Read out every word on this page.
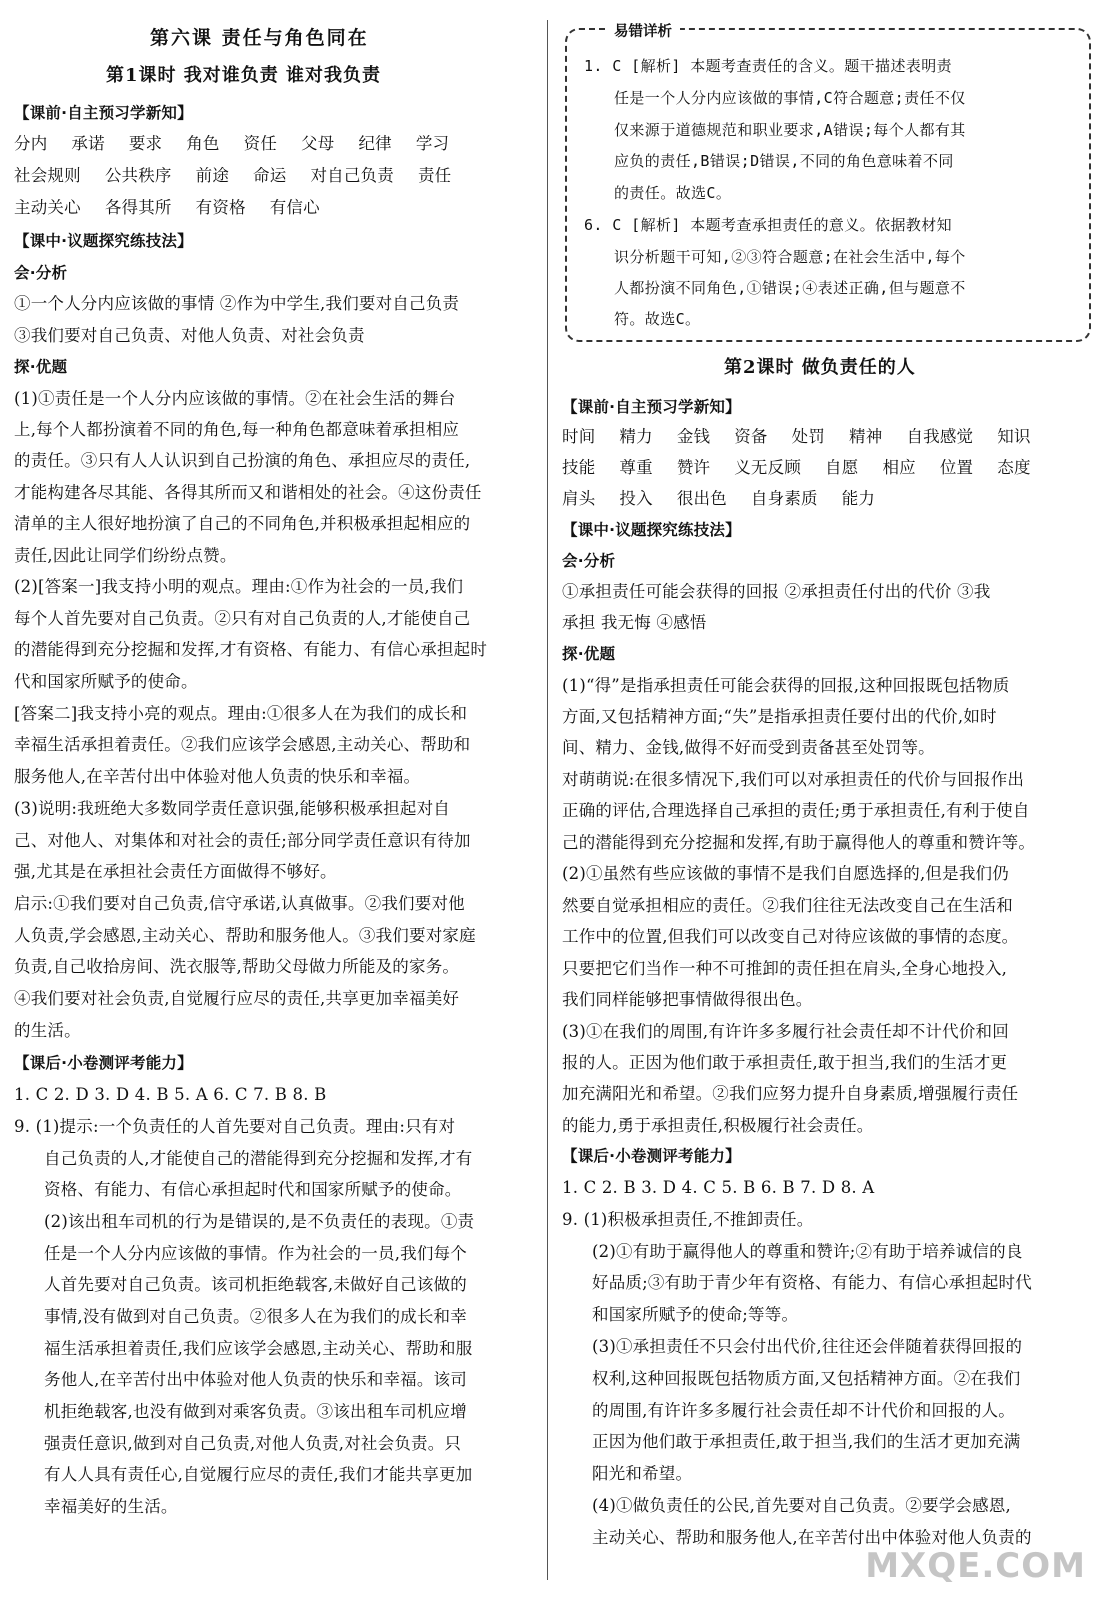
第六课 责任与角色同在
第1课时 我对谁负责 谁对我负责
【课前·自主预习学新知】
分内 承诺 要求 角色 资任 父母 纪律 学习
社会规则 公共秩序 前途 命运 对自己负责 责任
主动关心 各得其所 有资格 有信心
【课中·议题探究练技法】
会·分析
①一个人分内应该做的事情 ②作为中学生,我们要对自己负责
③我们要对自己负责、对他人负责、对社会负责
探·优题
(1)①责任是一个人分内应该做的事情。②在社会生活的舞台
上,每个人都扮演着不同的角色,每一种角色都意味着承担相应
的责任。③只有人人认识到自己扮演的角色、承担应尽的责任,
才能构建各尽其能、各得其所而又和谐相处的社会。④这份责任
清单的主人很好地扮演了自己的不同角色,并积极承担起相应的
责任,因此让同学们纷纷点赞。
(2)[答案一]我支持小明的观点。理由:①作为社会的一员,我们
每个人首先要对自己负责。②只有对自己负责的人,才能使自己
的潜能得到充分挖掘和发挥,才有资格、有能力、有信心承担起时
代和国家所赋予的使命。
[答案二]我支持小亮的观点。理由:①很多人在为我们的成长和
幸福生活承担着责任。②我们应该学会感恩,主动关心、帮助和
服务他人,在辛苦付出中体验对他人负责的快乐和幸福。
(3)说明:我班绝大多数同学责任意识强,能够积极承担起对自
己、对他人、对集体和对社会的责任;部分同学责任意识有待加
强,尤其是在承担社会责任方面做得不够好。
启示:①我们要对自己负责,信守承诺,认真做事。②我们要对他
人负责,学会感恩,主动关心、帮助和服务他人。③我们要对家庭
负责,自己收拾房间、洗衣服等,帮助父母做力所能及的家务。
④我们要对社会负责,自觉履行应尽的责任,共享更加幸福美好
的生活。
【课后·小卷测评考能力】
1. C 2. D 3. D 4. B 5. A 6. C 7. B 8. B
9. (1)提示:一个负责任的人首先要对自己负责。理由:只有对
自己负责的人,才能使自己的潜能得到充分挖掘和发挥,才有
资格、有能力、有信心承担起时代和国家所赋予的使命。
(2)该出租车司机的行为是错误的,是不负责任的表现。①责
任是一个人分内应该做的事情。作为社会的一员,我们每个
人首先要对自己负责。该司机拒绝载客,未做好自己该做的
事情,没有做到对自己负责。②很多人在为我们的成长和幸
福生活承担着责任,我们应该学会感恩,主动关心、帮助和服
务他人,在辛苦付出中体验对他人负责的快乐和幸福。该司
机拒绝载客,也没有做到对乘客负责。③该出租车司机应增
强责任意识,做到对自己负责,对他人负责,对社会负责。只
有人人具有责任心,自觉履行应尽的责任,我们才能共享更加
幸福美好的生活。
易错详析
1. C [解析] 本题考查责任的含义。题干描述表明责
任是一个人分内应该做的事情,C符合题意;责任不仅
仅来源于道德规范和职业要求,A错误;每个人都有其
应负的责任,B错误;D错误,不同的角色意味着不同
的责任。故选C。
6. C [解析] 本题考查承担责任的意义。依据教材知
识分析题干可知,②③符合题意;在社会生活中,每个
人都扮演不同角色,①错误;④表述正确,但与题意不
符。故选C。
第2课时 做负责任的人
【课前·自主预习学新知】
时间 精力 金钱 资备 处罚 精神 自我感觉 知识
技能 尊重 赞许 义无反顾 自愿 相应 位置 态度
肩头 投入 很出色 自身素质 能力
【课中·议题探究练技法】
会·分析
①承担责任可能会获得的回报 ②承担责任付出的代价 ③我
承担 我无悔 ④感悟
探·优题
(1)“得”是指承担责任可能会获得的回报,这种回报既包括物质
方面,又包括精神方面;“失”是指承担责任要付出的代价,如时
间、精力、金钱,做得不好而受到责备甚至处罚等。
对萌萌说:在很多情况下,我们可以对承担责任的代价与回报作出
正确的评估,合理选择自己承担的责任;勇于承担责任,有利于使自
己的潜能得到充分挖掘和发挥,有助于赢得他人的尊重和赞许等。
(2)①虽然有些应该做的事情不是我们自愿选择的,但是我们仍
然要自觉承担相应的责任。②我们往往无法改变自己在生活和
工作中的位置,但我们可以改变自己对待应该做的事情的态度。
只要把它们当作一种不可推卸的责任担在肩头,全身心地投入,
我们同样能够把事情做得很出色。
(3)①在我们的周围,有许许多多履行社会责任却不计代价和回
报的人。正因为他们敢于承担责任,敢于担当,我们的生活才更
加充满阳光和希望。②我们应努力提升自身素质,增强履行责任
的能力,勇于承担责任,积极履行社会责任。
【课后·小卷测评考能力】
1. C 2. B 3. D 4. C 5. B 6. B 7. D 8. A
9. (1)积极承担责任,不推卸责任。
(2)①有助于赢得他人的尊重和赞许;②有助于培养诚信的良
好品质;③有助于青少年有资格、有能力、有信心承担起时代
和国家所赋予的使命;等等。
(3)①承担责任不只会付出代价,往往还会伴随着获得回报的
权利,这种回报既包括物质方面,又包括精神方面。②在我们
的周围,有许许多多履行社会责任却不计代价和回报的人。
正因为他们敢于承担责任,敢于担当,我们的生活才更加充满
阳光和希望。
(4)①做负责任的公民,首先要对自己负责。②要学会感恩,
主动关心、帮助和服务他人,在辛苦付出中体验对他人负责的
MXQE.COM
